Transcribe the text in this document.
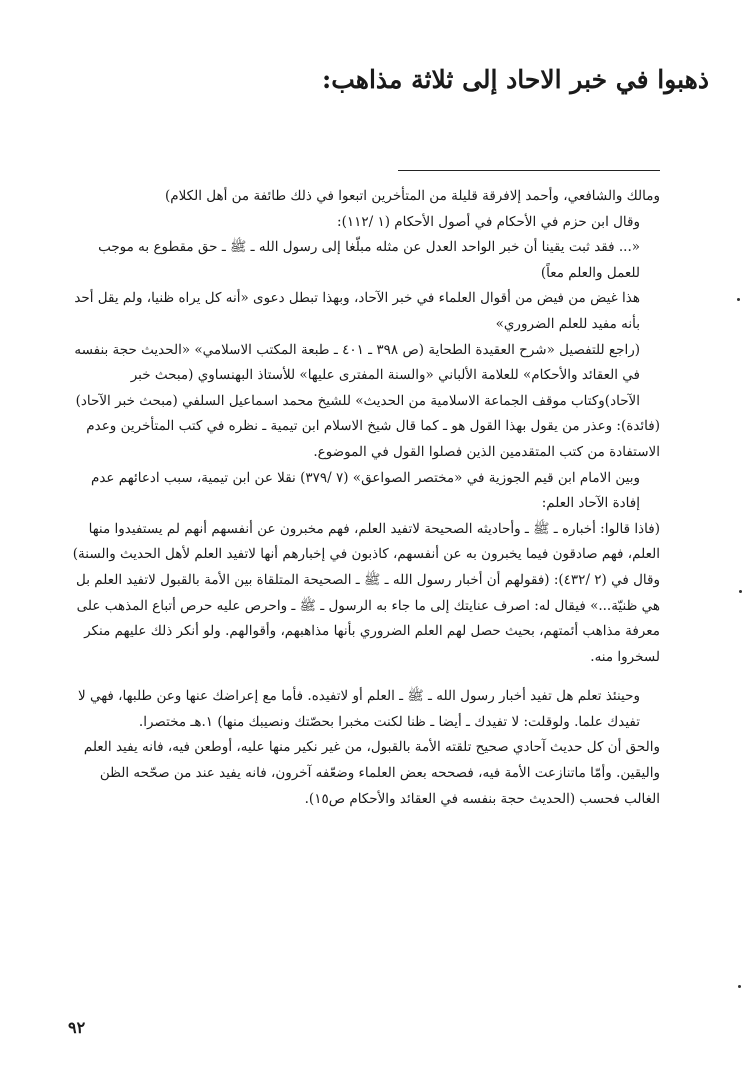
ذهبوا في خبر الاحاد إلى ثلاثة مذاهب:

ومالك والشافعي، وأحمد إلافرقة قليلة من المتأخرين اتبعوا في ذلك طائفة من أهل الكلام)

وقال ابن حزم في الأحكام في أصول الأحكام (١ /١١٢):

«... فقد ثبت يقينا أن خبر الواحد العدل عن مثله مبلّغا إلى رسول الله ـ ﷺ ـ حق مقطوع به موجب للعمل والعلم معاً)

هذا غيض من فيض من أقوال العلماء في خبر الآحاد، وبهذا تبطل دعوى «أنه كل يراه ظنيا، ولم يقل أحد بأنه مفيد للعلم الضروري»

(راجع للتفصيل «شرح العقيدة الطحاية (ص ٣٩٨ ـ ٤٠١ ـ طبعة المكتب الاسلامي» «الحديث حجة بنفسه في العقائد والأحكام» للعلامة الألباني «والسنة المفترى عليها» للأستاذ البهنساوي (مبحث خبر الآحاد)وكتاب موقف الجماعة الاسلامية من الحديث» للشيخ محمد اسماعيل السلفي (مبحث خبر الآحاد)

(فائدة): وعذر من يقول بهذا القول هو ـ كما قال شيخ الاسلام ابن تيمية ـ نظره في كتب المتأخرين وعدم الاستفادة من كتب المتقدمين الذين فصلوا القول في الموضوع.

وبين الامام ابن قيم الجوزية في «مختصر الصواعق» (٧ /٣٧٩) نقلا عن ابن تيمية، سبب ادعائهم عدم إفادة الآحاد العلم:

(فاذا قالوا: أخباره ـ ﷺ ـ وأحاديثه الصحيحة لاتفيد العلم، فهم مخبرون عن أنفسهم أنهم لم يستفيدوا منها العلم، فهم صادقون فيما يخبرون به عن أنفسهم، كاذبون في إخبارهم أنها لاتفيد العلم لأهل الحديث والسنة)

وقال في (٢ /٤٣٢): (فقولهم أن أخبار رسول الله ـ ﷺ ـ الصحيحة المتلقاة بين الأمة بالقبول لاتفيد العلم بل هي ظنيّة...» فيقال له: اصرف عنايتك إلى ما جاء به الرسول ـ ﷺ ـ واحرص عليه حرص أتباع المذهب على معرفة مذاهب أئمتهم، بحيث حصل لهم العلم الضروري بأنها مذاهبهم، وأقوالهم. ولو أنكر ذلك عليهم منكر لسخروا منه.

وحينئذ تعلم هل تفيد أخبار رسول الله ـ ﷺ ـ العلم أو لاتفيده. فأما مع إعراضك عنها وعن طلبها، فهي لا تفيدك علما. ولوقلت: لا تفيدك ـ أيضا ـ ظنا لكنت مخبرا بحصّتك ونصيبك منها) ١.هـ مختصرا.

والحق أن كل حديث آحادي صحيح تلقته الأمة بالقبول، من غير نكير منها عليه، أوطعن فيه، فانه يفيد العلم واليقين. وأمّا ماتنازعت الأمة فيه، فصححه بعض العلماء وضعّفه آخرون، فانه يفيد عند من صحّحه الظن الغالب فحسب (الحديث حجة بنفسه في العقائد والأحكام ص١٥).

٩٢
